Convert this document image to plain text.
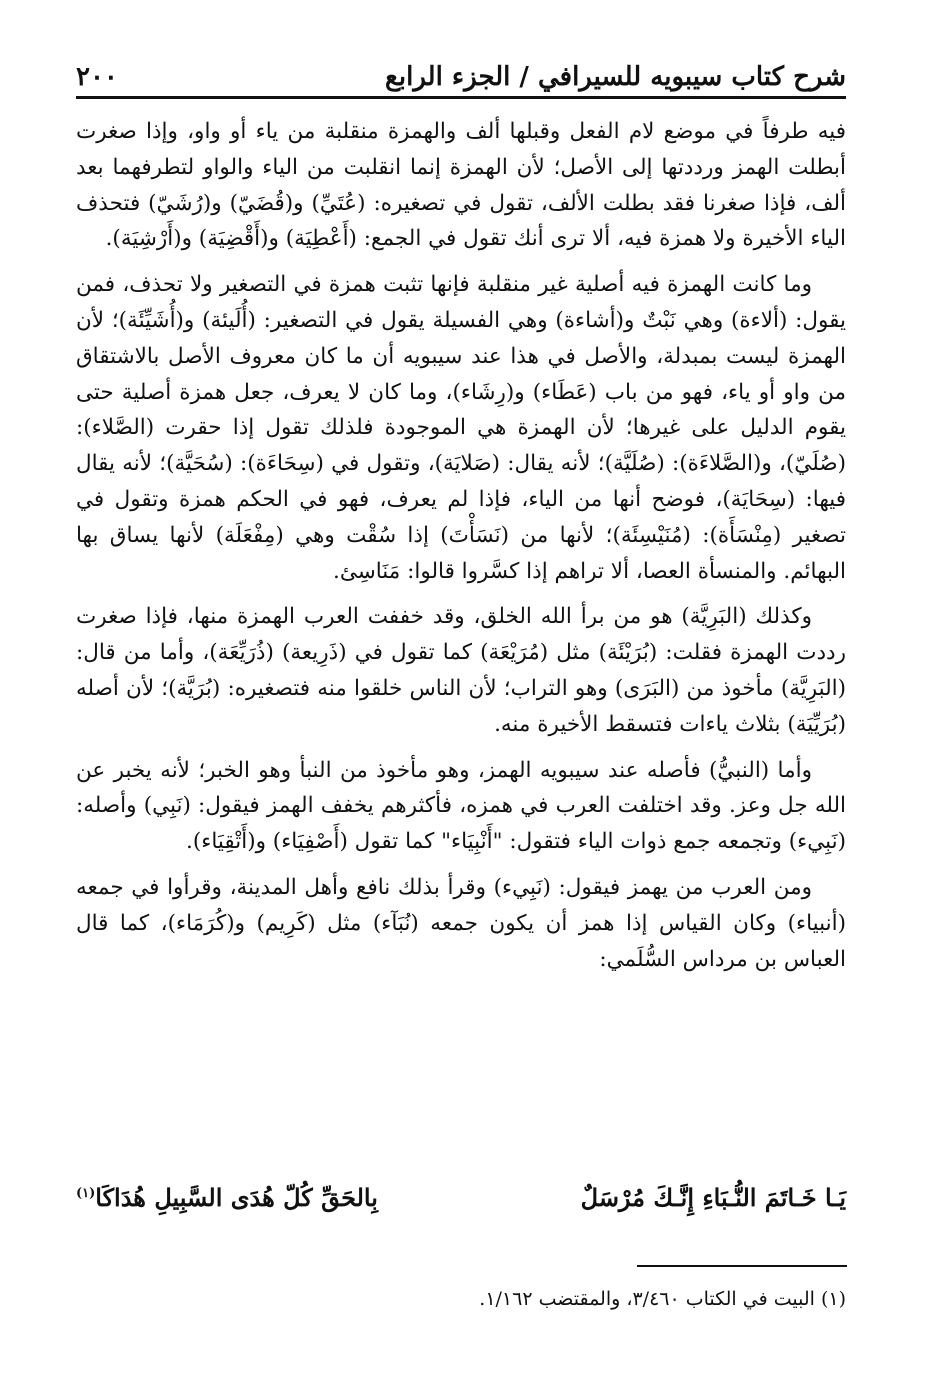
شرح كتاب سيبويه للسيرافي / الجزء الرابع
٢٠٠

فيه طرفاً في موضع لام الفعل وقبلها ألف والهمزة منقلبة من ياء أو واو، وإذا صغرت أبطلت الهمز ورددتها إلى الأصل؛ لأن الهمزة إنما انقلبت من الياء والواو لتطرفهما بعد ألف، فإذا صغرنا فقد بطلت الألف، تقول في تصغيره: (عُتَيِّ) و(قُضَيّ) و(رُشَيّ) فتحذف الياء الأخيرة ولا همزة فيه، ألا ترى أنك تقول في الجمع: (أَعْطِيَة) و(أَقْضِيَة) و(أَرْشِيَة).

وما كانت الهمزة فيه أصلية غير منقلبة فإنها تثبت همزة في التصغير ولا تحذف، فمن يقول: (ألاءة) وهي نَبْتٌ و(أشاءة) وهي الفسيلة يقول في التصغير: (أُلَيئة) و(أُشَيِّئَة)؛ لأن الهمزة ليست بمبدلة، والأصل في هذا عند سيبويه أن ما كان معروف الأصل بالاشتقاق من واو أو ياء، فهو من باب (عَطَاء) و(رِشَاء)، وما كان لا يعرف، جعل همزة أصلية حتى يقوم الدليل على غيرها؛ لأن الهمزة هي الموجودة فلذلك تقول إذا حقرت (الصَّلاء): (صُلَيّ)، و(الصَّلاءَة): (صُلَيَّة)؛ لأنه يقال: (صَلايَة)، وتقول في (سِحَاءَة): (سُحَيَّة)؛ لأنه يقال فيها: (سِحَايَة)، فوضح أنها من الياء، فإذا لم يعرف، فهو في الحكم همزة وتقول في تصغير (مِنْسَأَة): (مُنَيْسِئَة)؛ لأنها من (نَسَأْتَ) إذا سُقْت وهي (مِفْعَلَة) لأنها يساق بها البهائم. والمنسأة العصا، ألا تراهم إذا كسَّروا قالوا: مَنَاسِئ.

وكذلك (البَرِيَّة) هو من برأ الله الخلق، وقد خففت العرب الهمزة منها، فإذا صغرت رددت الهمزة فقلت: (بُرَيْئَة) مثل (مُرَيْعَة) كما تقول في (ذَرِيعة) (ذُرَيِّعَة)، وأما من قال: (البَرِيَّة) مأخوذ من (البَرَى) وهو التراب؛ لأن الناس خلقوا منه فتصغيره: (بُرَيَّة)؛ لأن أصله (بُرَيِّيَة) بثلاث ياءات فتسقط الأخيرة منه.

وأما (النبيُّ) فأصله عند سيبويه الهمز، وهو مأخوذ من النبأ وهو الخبر؛ لأنه يخبر عن الله جل وعز. وقد اختلفت العرب في همزه، فأكثرهم يخفف الهمز فيقول: (نَبِي) وأصله: (نَبِيء) وتجمعه جمع ذوات الياء فتقول: "أَنْبِيَاء" كما تقول (أَصْفِيَاء) و(أَتْقِيَاء).

ومن العرب من يهمز فيقول: (نَبِيء) وقرأ بذلك نافع وأهل المدينة، وقرأوا في جمعه (أنبياء) وكان القياس إذا همز أن يكون جمعه (نُبَآء) مثل (كَرِيم) و(كُرَمَاء)، كما قال العباس بن مرداس السُّلَمي:

يَـا خَـاتَمَ النُّـبَاءِ إِنَّـكَ مُرْسَلٌ
بِالحَقِّ كُلّ هُدَى السَّبِيلِ هُدَاكَا$^{(١)}$
(١) البيت في الكتاب ٣/٤٦٠، والمقتضب ١/١٦٢.
